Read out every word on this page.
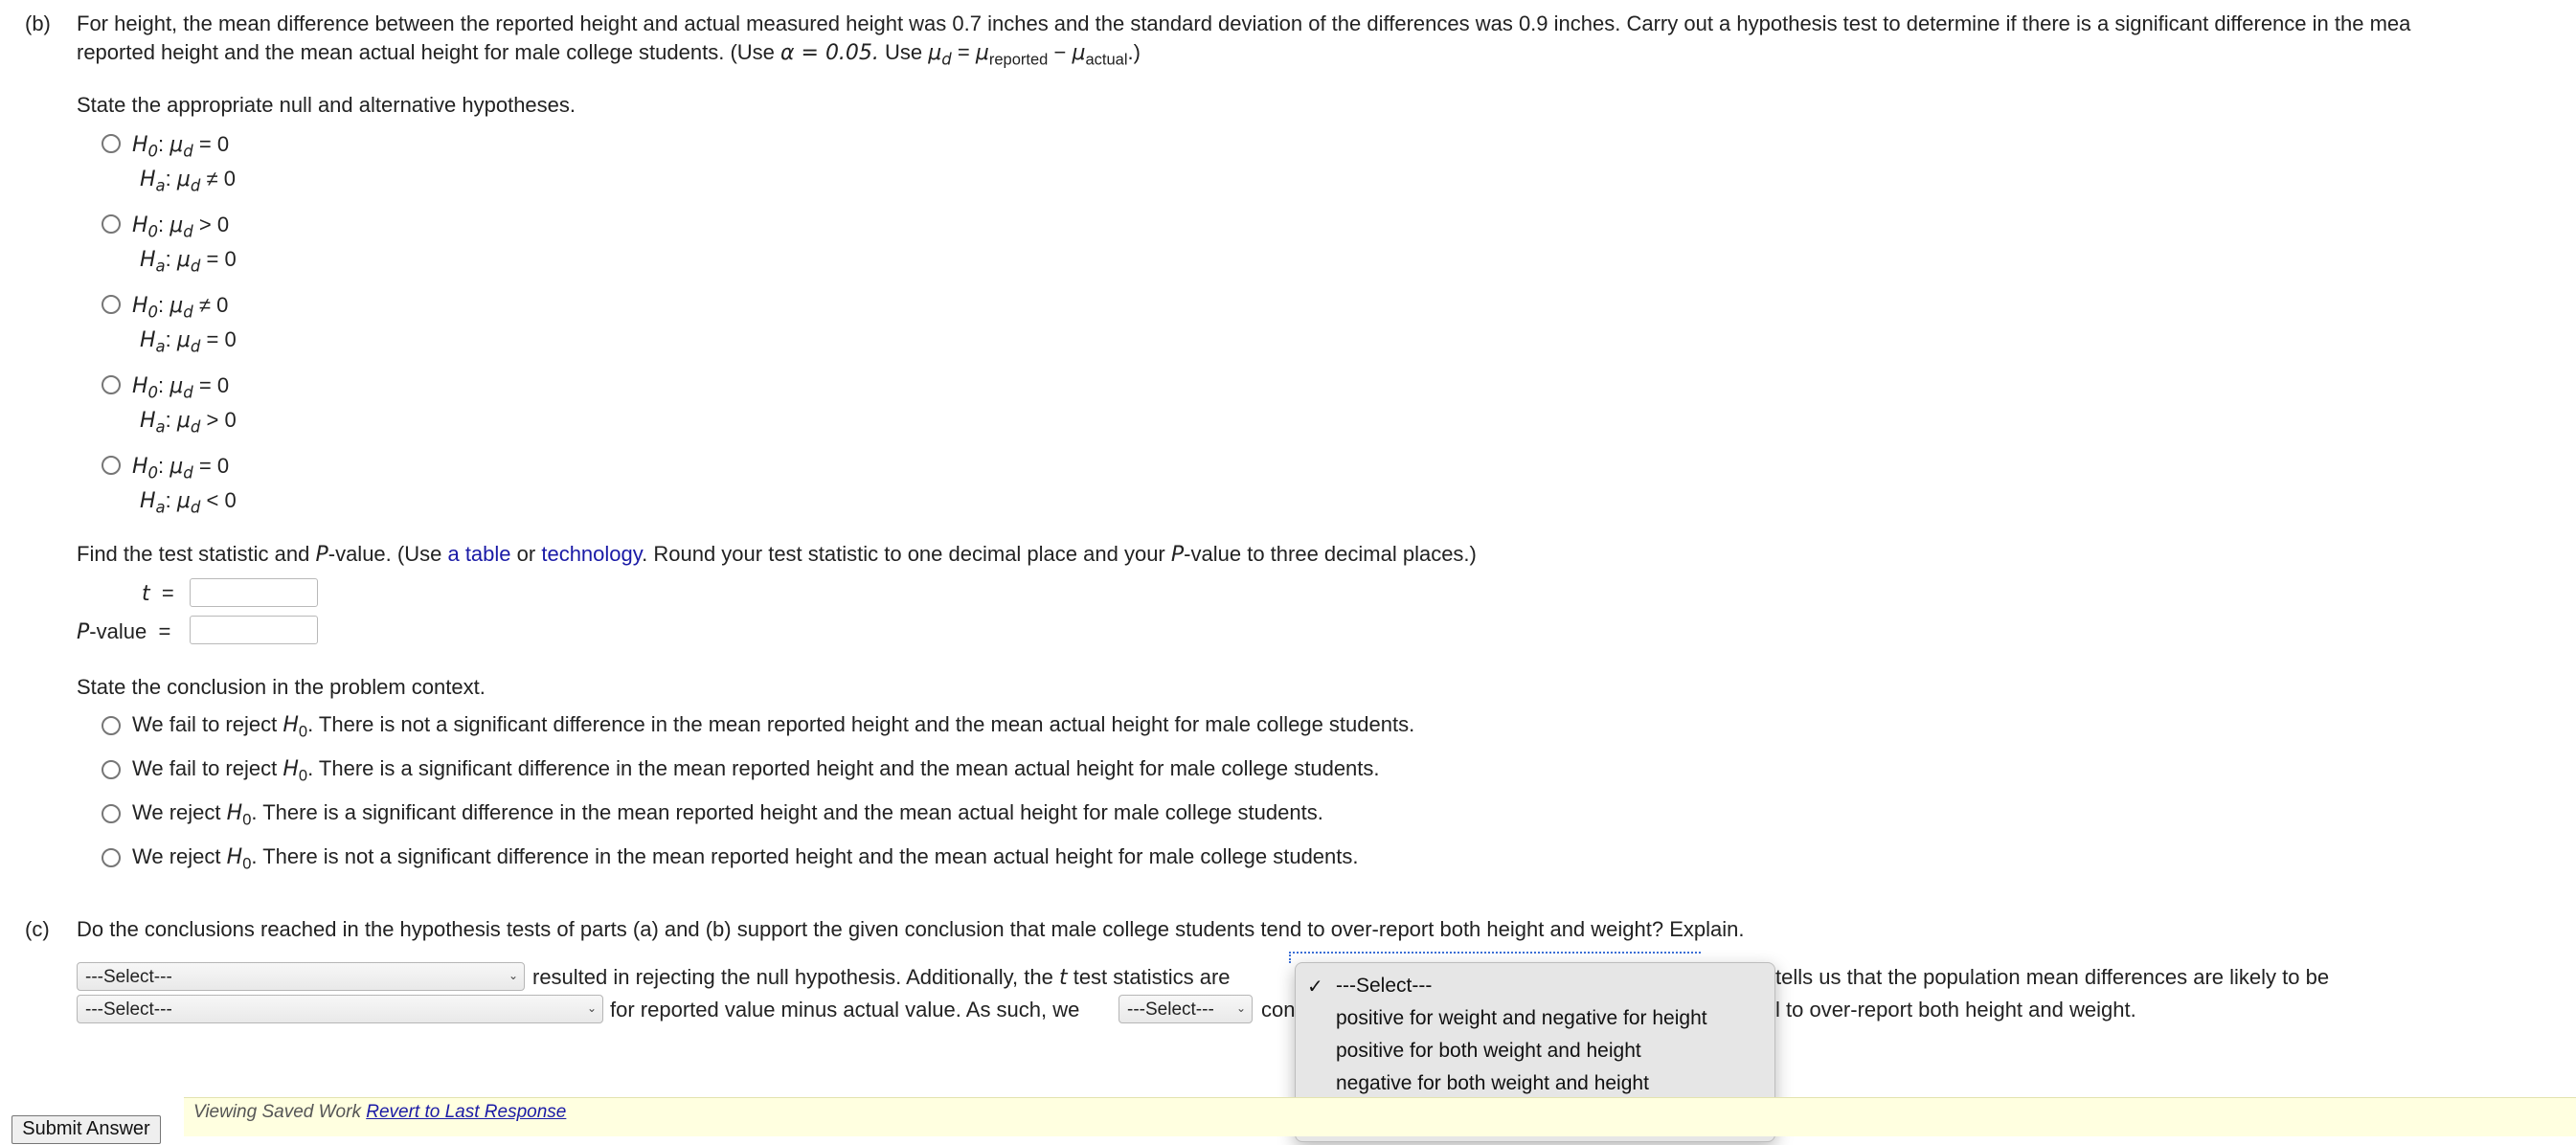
(b) For height, the mean difference between the reported height and actual measured height was 0.7 inches and the standard deviation of the differences was 0.9 inches. Carry out a hypothesis test to determine if there is a significant difference in the mea
reported height and the mean actual height for male college students. (Use α = 0.05. Use $\mu_d = \mu_{reported} - \mu_{actual}$.)
State the appropriate null and alternative hypotheses.
$H_0$: $\mu_d = 0$
$H_a$: $\mu_d \ne 0$
$H_0$: $\mu_d > 0$
$H_a$: $\mu_d = 0$
$H_0$: $\mu_d \ne 0$
$H_a$: $\mu_d = 0$
$H_0$: $\mu_d = 0$
$H_a$: $\mu_d > 0$
$H_0$: $\mu_d = 0$
$H_a$: $\mu_d < 0$
Find the test statistic and P-value. (Use a table or technology. Round your test statistic to one decimal place and your P-value to three decimal places.)
t =
P-value =
State the conclusion in the problem context.
We fail to reject $H_0$. There is not a significant difference in the mean reported height and the mean actual height for male college students.
We fail to reject $H_0$. There is a significant difference in the mean reported height and the mean actual height for male college students.
We reject $H_0$. There is a significant difference in the mean reported height and the mean actual height for male college students.
We reject $H_0$. There is not a significant difference in the mean reported height and the mean actual height for male college students.
(c) Do the conclusions reached in the hypothesis tests of parts (a) and (b) support the given conclusion that male college students tend to over-report both height and weight? Explain.
---Select---	⌄ resulted in rejecting the null hypothesis. Additionally, the t test statistics are	tells us that the population mean differences are likely to be
---Select---	⌄ for reported value minus actual value. As such, we	---Select--- ⌄ con	l to over-report both height and weight.
✓ ---Select---
positive for weight and negative for height
positive for both weight and height
negative for both weight and height
Viewing Saved Work Revert to Last Response
Submit Answer
